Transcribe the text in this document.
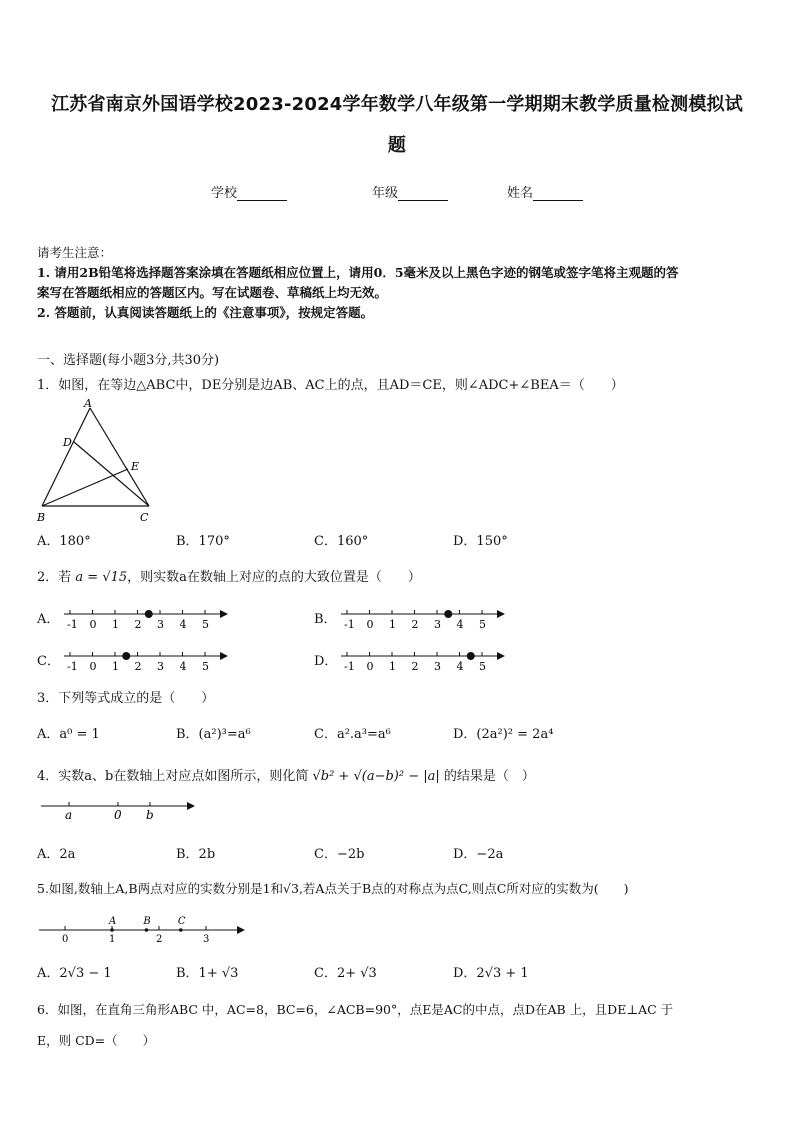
江苏省南京外国语学校2023-2024学年数学八年级第一学期期末教学质量检测模拟试
题
学校	年级	姓名
请考生注意：
1. 请用2B铅笔将选择题答案涂填在答题纸相应位置上，请用0．5毫米及以上黑色字迹的钢笔或签字笔将主观题的答
案写在答题纸相应的答题区内。写在试题卷、草稿纸上均无效。
2. 答题前，认真阅读答题纸上的《注意事项》，按规定答题。
一、选择题(每小题3分,共30分)
1．如图，在等边△ABC中，DE分别是边AB、AC上的点，且AD＝CE，则∠ADC+∠BEA＝（　　）
A
D
E
B	C
A．180°	B．170°	C．160°	D．150°
2．若 a = √15，则实数a在数轴上对应的点的大致位置是（　　）
A． -1 0 1 2 3 4 5	B． -1 0 1 2 3 4 5
C． -1 0 1 2 3 4 5	D． -1 0 1 2 3 4 5
3．下列等式成立的是（　　）
A．a⁰ = 1	B．(a²)³=a⁶	C．a².a³=a⁶	D．(2a²)² = 2a⁴
4．实数a、b在数轴上对应点如图所示，则化简 √b² + √(a−b)² − |a| 的结果是（　）
a	0 b
A．2a	B．2b	C．−2b	D．−2a
5.如图,数轴上A,B两点对应的实数分别是1和√3,若A点关于B点的对称点为点C,则点C所对应的实数为(　　)
0	1	2	3
A	B	C
A．2√3 − 1	B．1+ √3	C．2+ √3	D．2√3 + 1
6．如图，在直角三角形ABC 中，AC=8，BC=6，∠ACB=90°，点E是AC的中点，点D在AB 上，且DE⊥AC 于
E，则 CD=（　　）
